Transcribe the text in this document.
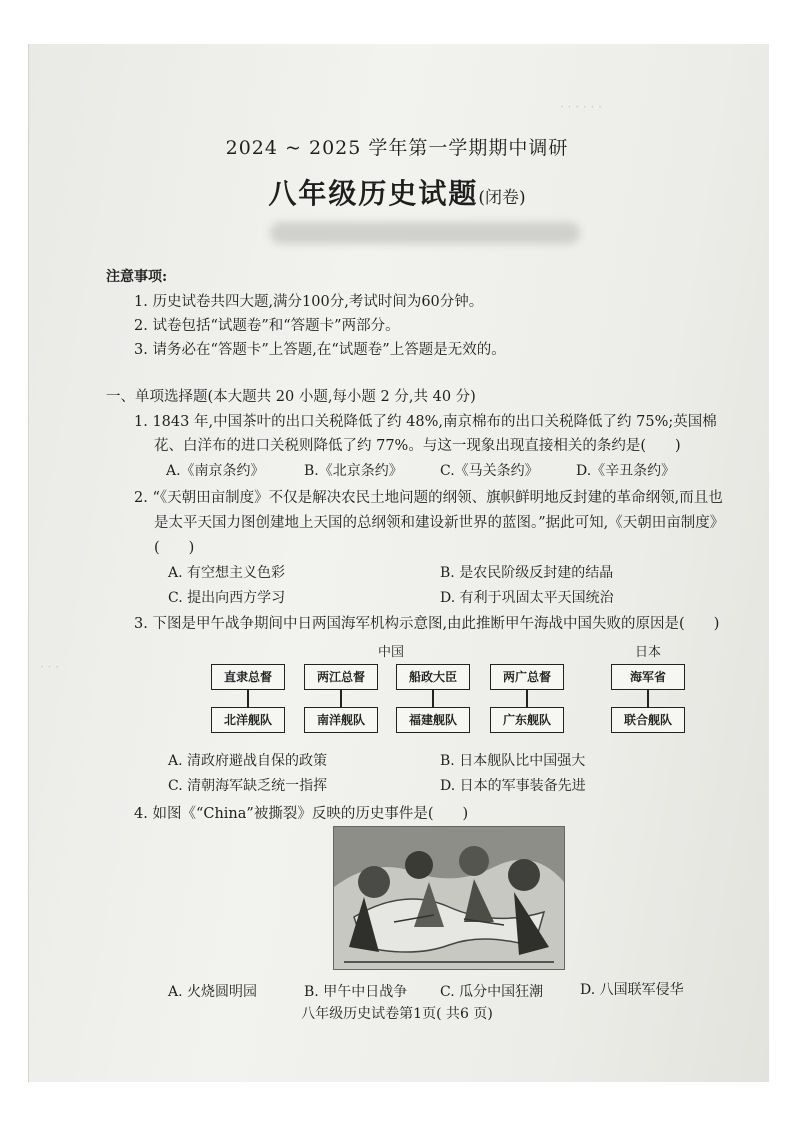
· · · · · ·
· · ·
2024 ~ 2025 学年第一学期期中调研
八年级历史试题(闭卷)
注意事项:
1. 历史试卷共四大题,满分100分,考试时间为60分钟。
2. 试卷包括“试题卷”和“答题卡”两部分。
3. 请务必在“答题卡”上答题,在“试题卷”上答题是无效的。
一、单项选择题(本大题共 20 小题,每小题 2 分,共 40 分)
1. 1843 年,中国茶叶的出口关税降低了约 48%,南京棉布的出口关税降低了约 75%;英国棉
花、白洋布的进口关税则降低了约 77%。与这一现象出现直接相关的条约是(　　)
A.《南京条约》	B.《北京条约》	C.《马关条约》	D.《辛丑条约》
2. “《天朝田亩制度》不仅是解决农民土地问题的纲领、旗帜鲜明地反封建的革命纲领,而且也
是太平天国力图创建地上天国的总纲领和建设新世界的蓝图。”据此可知,《天朝田亩制度》
(　　)
A. 有空想主义色彩	B. 是农民阶级反封建的结晶
C. 提出向西方学习	D. 有利于巩固太平天国统治
3. 下图是甲午战争期间中日两国海军机构示意图,由此推断甲午海战中国失败的原因是(　　)
中国	日本
直隶总督	两江总督	船政大臣	两广总督	海军省
北洋舰队	南洋舰队	福建舰队	广东舰队	联合舰队
A. 清政府避战自保的政策	B. 日本舰队比中国强大
C. 清朝海军缺乏统一指挥	D. 日本的军事装备先进
4. 如图《“China”被撕裂》反映的历史事件是(　　)
A. 火烧圆明园	B. 甲午中日战争 C. 瓜分中国狂潮	D. 八国联军侵华
八年级历史试卷第1页( 共6 页)
